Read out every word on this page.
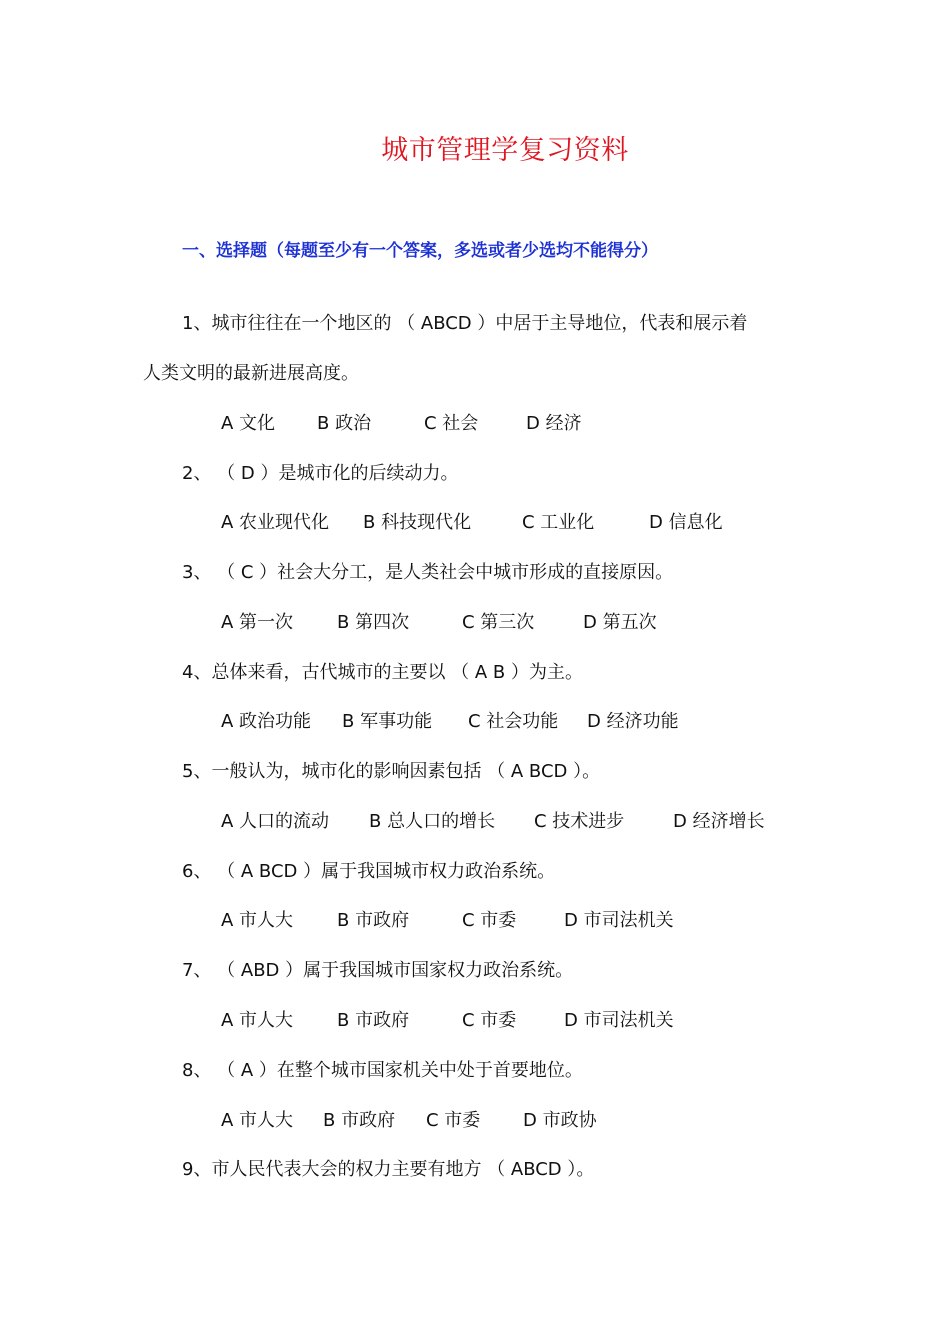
城市管理学复习资料
一、选择题（每题至少有一个答案，多选或者少选均不能得分）
1、城市往往在一个地区的 （ ABCD ）中居于主导地位，代表和展示着
人类文明的最新进展高度。
A 文化 B 政治	C 社会	D 经济
2、 （ D ）是城市化的后续动力。
A 农业现代化 B 科技现代化	C 工业化	D 信息化
3、 （ C ）社会大分工，是人类社会中城市形成的直接原因。
A 第一次 B 第四次	C 第三次	D 第五次
4、总体来看，古代城市的主要以 （ A B ）为主。
A 政治功能 B 军事功能 C 社会功能 D 经济功能
5、一般认为，城市化的影响因素包括 （ A BCD ）。
A 人口的流动 B 总人口的增长 C 技术进步	D 经济增长
6、 （ A BCD ）属于我国城市权力政治系统。
A 市人大 B 市政府	C 市委	D 市司法机关
7、 （ ABD ）属于我国城市国家权力政治系统。
A 市人大 B 市政府	C 市委	D 市司法机关
8、 （ A ）在整个城市国家机关中处于首要地位。
A 市人大 B 市政府 C 市委 D 市政协
9、市人民代表大会的权力主要有地方 （ ABCD ）。
